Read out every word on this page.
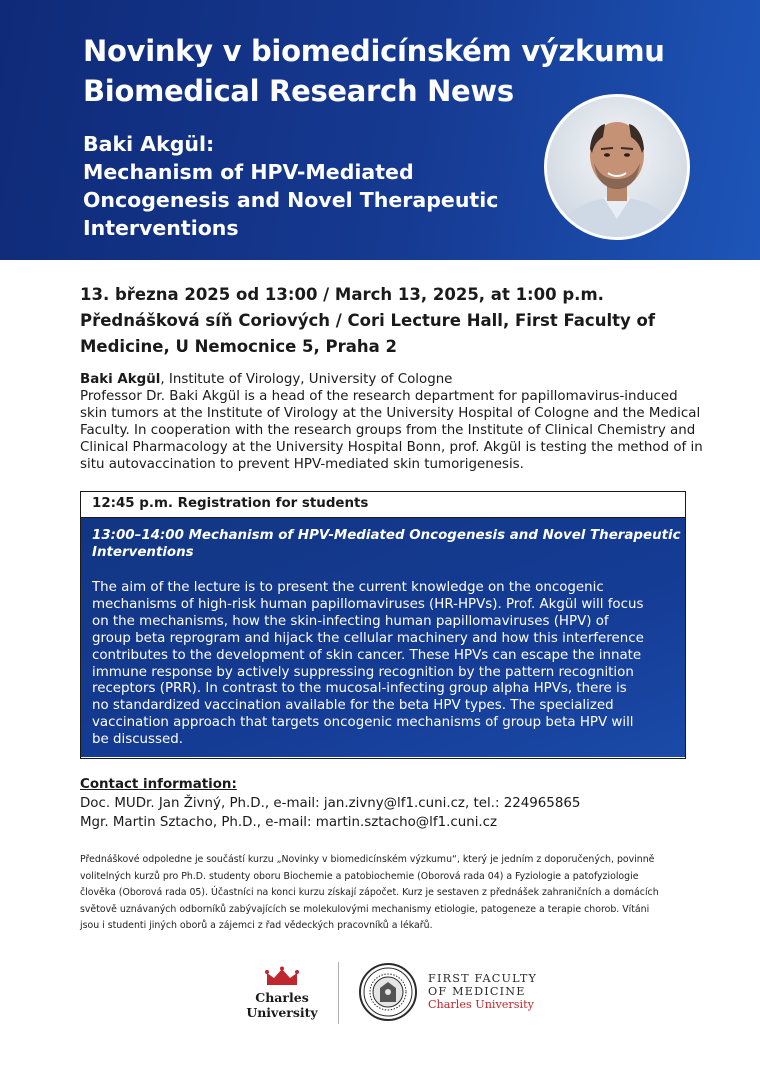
Novinky v biomedicínském výzkumu
Biomedical Research News
Baki Akgül:
Mechanism of HPV-Mediated
Oncogenesis and Novel Therapeutic
Interventions
13. března 2025 od 13:00 / March 13, 2025, at 1:00 p.m.
Přednášková síň Coriových / Cori Lecture Hall, First Faculty of
Medicine, U Nemocnice 5, Praha 2

Baki Akgül, Institute of Virology, University of Cologne

Professor Dr. Baki Akgül is a head of the research department for papillomavirus-induced

skin tumors at the Institute of Virology at the University Hospital of Cologne and the Medical

Faculty. In cooperation with the research groups from the Institute of Clinical Chemistry and

Clinical Pharmacology at the University Hospital Bonn, prof. Akgül is testing the method of in

situ autovaccination to prevent HPV-mediated skin tumorigenesis.

12:45 p.m. Registration for students
13:00–14:00 Mechanism of HPV-Mediated Oncogenesis and Novel Therapeutic
Interventions
The aim of the lecture is to present the current knowledge on the oncogenic
mechanisms of high-risk human papillomaviruses (HR-HPVs). Prof. Akgül will focus
on the mechanisms, how the skin-infecting human papillomaviruses (HPV) of
group beta reprogram and hijack the cellular machinery and how this interference
contributes to the development of skin cancer. These HPVs can escape the innate
immune response by actively suppressing recognition by the pattern recognition
receptors (PRR). In contrast to the mucosal-infecting group alpha HPVs, there is
no standardized vaccination available for the beta HPV types. The specialized
vaccination approach that targets oncogenic mechanisms of group beta HPV will
be discussed.
Contact information:
Doc. MUDr. Jan Živný, Ph.D., e-mail: jan.zivny@lf1.cuni.cz, tel.: 224965865
Mgr. Martin Sztacho, Ph.D., e-mail: martin.sztacho@lf1.cuni.cz
Přednáškové odpoledne je součástí kurzu „Novinky v biomedicínském výzkumu“, který je jedním z doporučených, povinně
volitelných kurzů pro Ph.D. studenty oboru Biochemie a patobiochemie (Oborová rada 04) a Fyziologie a patofyziologie
člověka (Oborová rada 05). Účastníci na konci kurzu získají zápočet. Kurz je sestaven z přednášek zahraničních a domácích
světově uznávaných odborníků zabývajících se molekulovými mechanismy etiologie, patogeneze a terapie chorob. Vítáni
jsou i studenti jiných oborů a zájemci z řad vědeckých pracovníků a lékařů.
Charles
University
FIRST FACULTY
OF MEDICINE
Charles University
